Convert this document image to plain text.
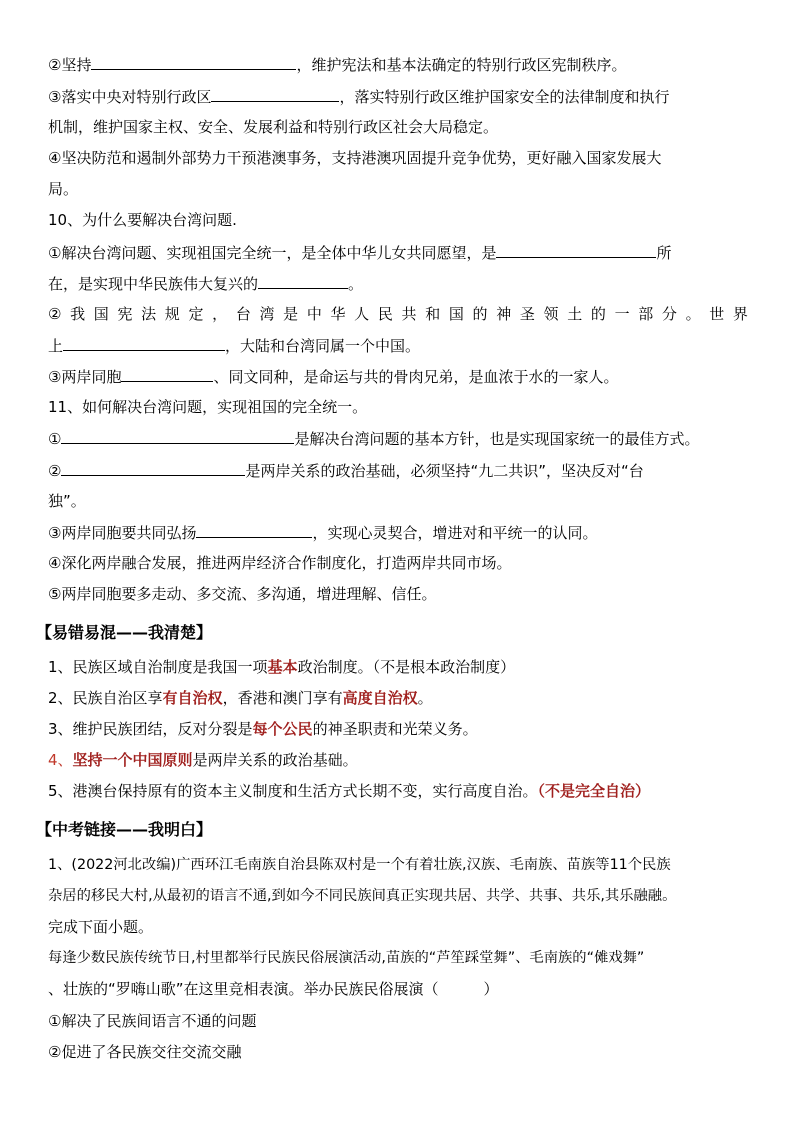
②坚持	，维护宪法和基本法确定的特别行政区宪制秩序。
③落实中央对特别行政区	，落实特别行政区维护国家安全的法律制度和执行
机制，维护国家主权、安全、发展利益和特别行政区社会大局稳定。
④坚决防范和遏制外部势力干预港澳事务，支持港澳巩固提升竞争优势，更好融入国家发展大
局。
10、为什么要解决台湾问题.
①解决台湾问题、实现祖国完全统一，是全体中华儿女共同愿望，是	所
在，是实现中华民族伟大复兴的	。
② 我 国 宪 法 规 定 ， 台 湾 是 中 华 人 民 共 和 国 的 神 圣 领 土 的 一 部 分 。 世 界
上	，大陆和台湾同属一个中国。
③两岸同胞	、同文同种，是命运与共的骨肉兄弟，是血浓于水的一家人。
11、如何解决台湾问题，实现祖国的完全统一。
①	是解决台湾问题的基本方针，也是实现国家统一的最佳方式。
②	是两岸关系的政治基础，必须坚持“九二共识”，坚决反对“台
独”。
③两岸同胞要共同弘扬	，实现心灵契合，增进对和平统一的认同。
④深化两岸融合发展，推进两岸经济合作制度化，打造两岸共同市场。
⑤两岸同胞要多走动、多交流、多沟通，增进理解、信任。
【易错易混——我清楚】
1、民族区域自治制度是我国一项基本政治制度。（不是根本政治制度）
2、民族自治区享有自治权，香港和澳门享有高度自治权。
3、维护民族团结，反对分裂是每个公民的神圣职责和光荣义务。
4、坚持一个中国原则是两岸关系的政治基础。
5、港澳台保持原有的资本主义制度和生活方式长期不变，实行高度自治。（不是完全自治）
【中考链接——我明白】
1、(2022河北改编)广西环江毛南族自治县陈双村是一个有着壮族,汉族、毛南族、苗族等11个民族
杂居的移民大村,从最初的语言不通,到如今不同民族间真正实现共居、共学、共事、共乐,其乐融融。
完成下面小题。
每逢少数民族传统节日,村里都举行民族民俗展演活动,苗族的“芦笙踩堂舞”、毛南族的“傩戏舞”
、壮族的“罗嗨山歌”在这里竞相表演。举办民族民俗展演（　　　）
①解决了民族间语言不通的问题
②促进了各民族交往交流交融
